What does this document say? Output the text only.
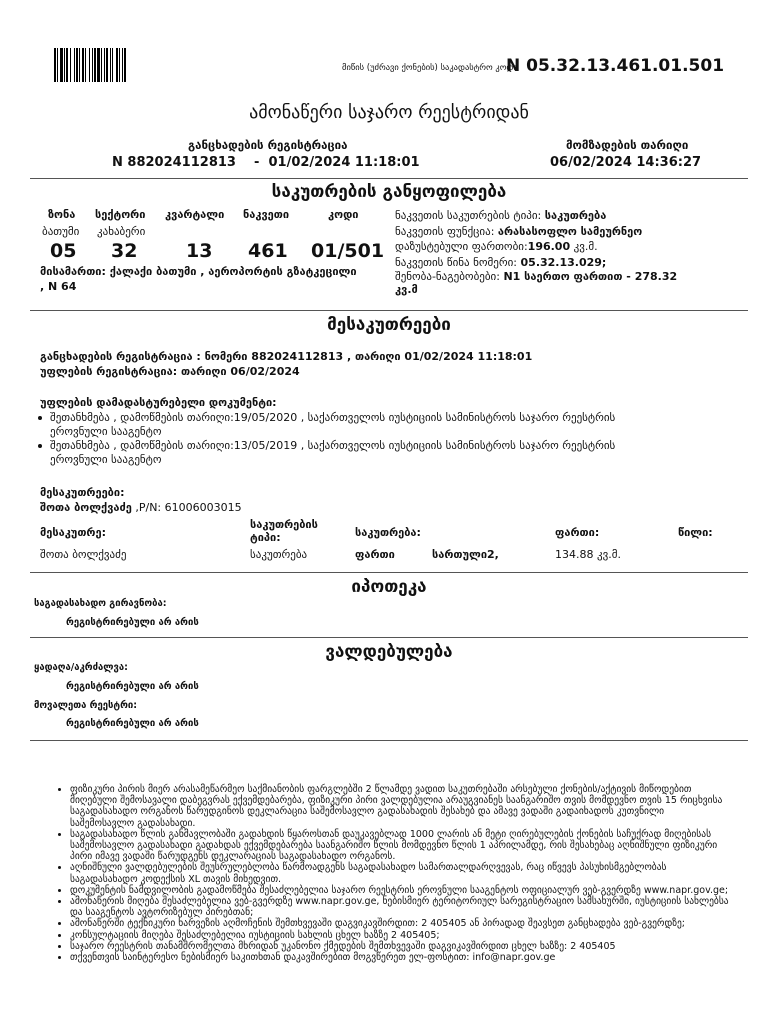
მიწის (უძრავი ქონების) საკადასტრო კოდი
N 05.32.13.461.01.501
ამონაწერი საჯარო რეესტრიდან
განცხადების რეგისტრაცია
N 882024112813    -  01/02/2024 11:18:01
მომზადების თარიღი
06/02/2024 14:36:27
საკუთრების განყოფილება
ზონა სექტორი კვარტალი ნაკვეთი	კოდი
ბათუმი კახაბერი
05 32	13 461 01/501
მისამართი: ქალაქი ბათუმი , აეროპორტის გზატკეცილი , N 64
ნაკვეთის საკუთრების ტიპი: საკუთრება
ნაკვეთის ფუნქცია: არასასოფლო სამეურნეო
დაზუსტებული ფართობი:196.00 კვ.მ.
ნაკვეთის წინა ნომერი: 05.32.13.029;
შენობა-ნაგებობები: N1 საერთო ფართით - 278.32
კვ.მ
მესაკუთრეები
განცხადების რეგისტრაცია : ნომერი 882024112813 , თარიღი 01/02/2024 11:18:01
უფლების რეგისტრაცია: თარიღი 06/02/2024
უფლების დამადასტურებელი დოკუმენტი:
შეთანხმება , დამოწმების თარიღი:19/05/2020 , საქართველოს იუსტიციის სამინისტროს საჯარო რეესტრის
ეროვნული სააგენტო
შეთანხმება , დამოწმების თარიღი:13/05/2019 , საქართველოს იუსტიციის სამინისტროს საჯარო რეესტრის
ეროვნული სააგენტო
მესაკუთრეები:
შოთა ბოლქვაძე ,P/N: 61006003015
მესაკუთრე:
საკუთრების ტიპი:	საკუთრება:	ფართი:	წილი:
შოთა ბოლქვაძე	საკუთრება	ფართი	სართული2,	134.88 კვ.მ.
იპოთეკა
საგადასახადო გირავნობა:
რეგისტრირებული არ არის
ვალდებულება
ყადაღა/აკრძალვა:
რეგისტრირებული არ არის
მოვალეთა რეესტრი:
რეგისტრირებული არ არის
• ფიზიკური პირის მიერ არასამეწარმეო საქმიანობის ფარგლებში 2 წლამდე ვადით საკუთრებაში არსებული ქონების/აქტივის მიწოდებით მიღებული შემოსავალი დაბეგვრას ექვემდებარება, ფიზიკური პირი ვალდებულია არაუგვიანეს საანგარიშო თვის მომდევნო თვის 15 რიცხვისა საგადასახადო ორგანოს წარუდგინოს დეკლარაცია საშემოსავლო გადასახადის შესახებ და ამავე ვადაში გადაიხადოს კუთვნილი საშემოსავლო გადასახადი.
• საგადასახადო წლის განმავლობაში გადახდის წყაროსთან დაუკავებლად 1000 ლარის ან მეტი ღირებულების ქონების საჩუქრად მიღებისას საშემოსავლო გადასახადი გადახდას ექვემდებარება საანგარიშო წლის მომდევნო წლის 1 აპრილამდე, რის შესახებაც აღნიშნული ფიზიკური პირი იმავე ვადაში წარუდგენს დეკლარაციას საგადასახადო ორგანოს.
• აღნიშნული ვალდებულების შეუსრულებლობა წარმოადგენს საგადასახადო სამართალდარღვევას, რაც იწვევს პასუხისმგებლობას საგადასახადო კოდექსის XL თავის მიხედვით.
• დოკუმენტის ნამდვილობის გადამოწმება შესაძლებელია საჯარო რეესტრის ეროვნული სააგენტოს ოფიციალურ ვებ-გვერდზე www.napr.gov.ge;
• ამონაწერის მიღება შესაძლებელია ვებ-გვერდზე www.napr.gov.ge, ნებისმიერ ტერიტორიულ სარეგისტრაციო სამსახურში, იუსტიციის სახლებსა და სააგენტოს ავტორიზებულ პირებთან;
• ამონაწერში ტექნიკური ხარვეზის აღმოჩენის შემთხვევაში დაგვიკავშირდით: 2 405405 ან პირადად შეავსეთ განცხადება ვებ-გვერდზე;
• კონსულტაციის მიღება შესაძლებელია იუსტიციის სახლის ცხელ ხაზზე 2 405405;
• საჯარო რეესტრის თანამშრომელთა მხრიდან უკანონო ქმედების შემთხვევაში დაგვიკავშირდით ცხელ ხაზზე: 2 405405
• თქვენთვის საინტერესო ნებისმიერ საკითხთან დაკავშირებით მოგვწერეთ ელ-ფოსტით: info@napr.gov.ge
